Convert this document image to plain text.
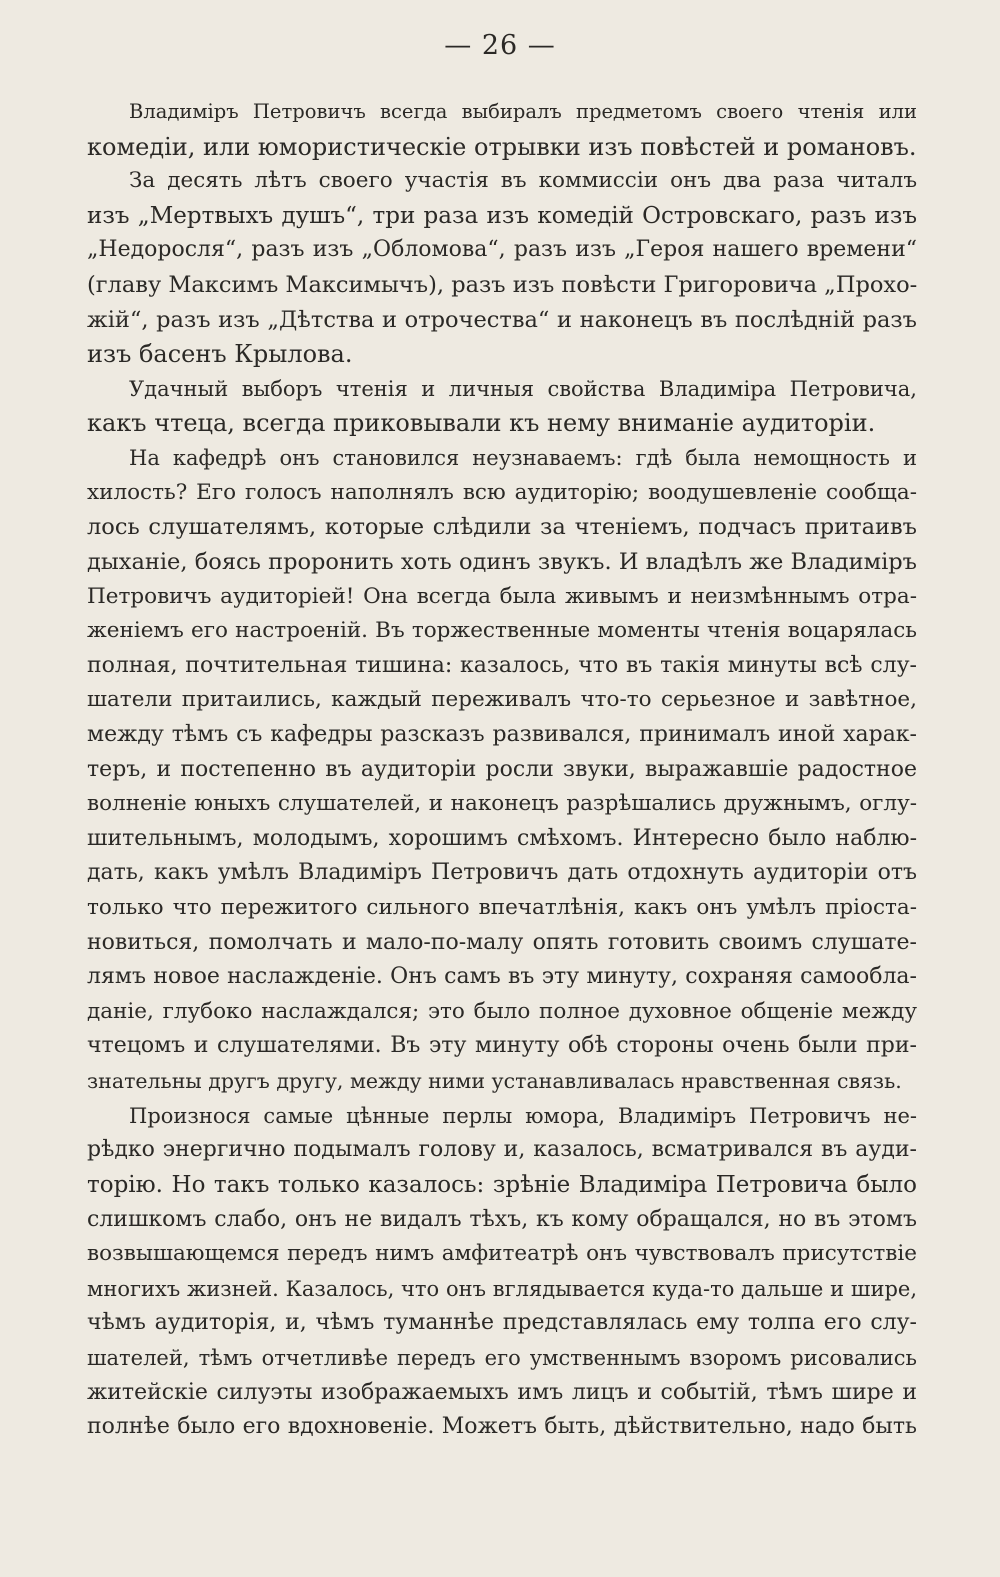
— 26 —
Владиміръ Петровичъ всегда выбиралъ предметомъ своего чтенія или
комедіи, или юмористическіе отрывки изъ повѣстей и романовъ.
За десять лѣтъ своего участія въ коммиссіи онъ два раза читалъ
изъ „Мертвыхъ душъ“, три раза изъ комедій Островскаго, разъ изъ
„Недоросля“, разъ изъ „Обломова“, разъ изъ „Героя нашего времени“
(главу Максимъ Максимычъ), разъ изъ повѣсти Григоровича „Прохо-
жій“, разъ изъ „Дѣтства и отрочества“ и наконецъ въ послѣдній разъ
изъ басенъ Крылова.
Удачный выборъ чтенія и личныя свойства Владиміра Петровича,
какъ чтеца, всегда приковывали къ нему вниманіе аудиторіи.
На кафедрѣ онъ становился неузнаваемъ: гдѣ была немощность и
хилость? Его голосъ наполнялъ всю аудиторію; воодушевленіе сообща-
лось слушателямъ, которые слѣдили за чтеніемъ, подчасъ притаивъ
дыханіе, боясь проронить хоть одинъ звукъ. И владѣлъ же Владиміръ
Петровичъ аудиторіей! Она всегда была живымъ и неизмѣннымъ отра-
женіемъ его настроеній. Въ торжественные моменты чтенія воцарялась
полная, почтительная тишина: казалось, что въ такія минуты всѣ слу-
шатели притаились, каждый переживалъ что-то серьезное и завѣтное,
между тѣмъ съ кафедры разсказъ развивался, принималъ иной харак-
теръ, и постепенно въ аудиторіи росли звуки, выражавшіе радостное
волненіе юныхъ слушателей, и наконецъ разрѣшались дружнымъ, оглу-
шительнымъ, молодымъ, хорошимъ смѣхомъ. Интересно было наблю-
дать, какъ умѣлъ Владиміръ Петровичъ дать отдохнуть аудиторіи отъ
только что пережитого сильного впечатлѣнія, какъ онъ умѣлъ пріоста-
новиться, помолчать и мало-по-малу опять готовить своимъ слушате-
лямъ новое наслажденіе. Онъ самъ въ эту минуту, сохраняя самообла-
даніе, глубоко наслаждался; это было полное духовное общеніе между
чтецомъ и слушателями. Въ эту минуту обѣ стороны очень были при-
знательны другъ другу, между ними устанавливалась нравственная связь.
Произнося самые цѣнные перлы юмора, Владиміръ Петровичъ не-
рѣдко энергично подымалъ голову и, казалось, всматривался въ ауди-
торію. Но такъ только казалось: зрѣніе Владиміра Петровича было
слишкомъ слабо, онъ не видалъ тѣхъ, къ кому обращался, но въ этомъ
возвышающемся передъ нимъ амфитеатрѣ онъ чувствовалъ присутствіе
многихъ жизней. Казалось, что онъ вглядывается куда-то дальше и шире,
чѣмъ аудиторія, и, чѣмъ туманнѣе представлялась ему толпа его слу-
шателей, тѣмъ отчетливѣе передъ его умственнымъ взоромъ рисовались
житейскіе силуэты изображаемыхъ имъ лицъ и событій, тѣмъ шире и
полнѣе было его вдохновеніе. Можетъ быть, дѣйствительно, надо быть
